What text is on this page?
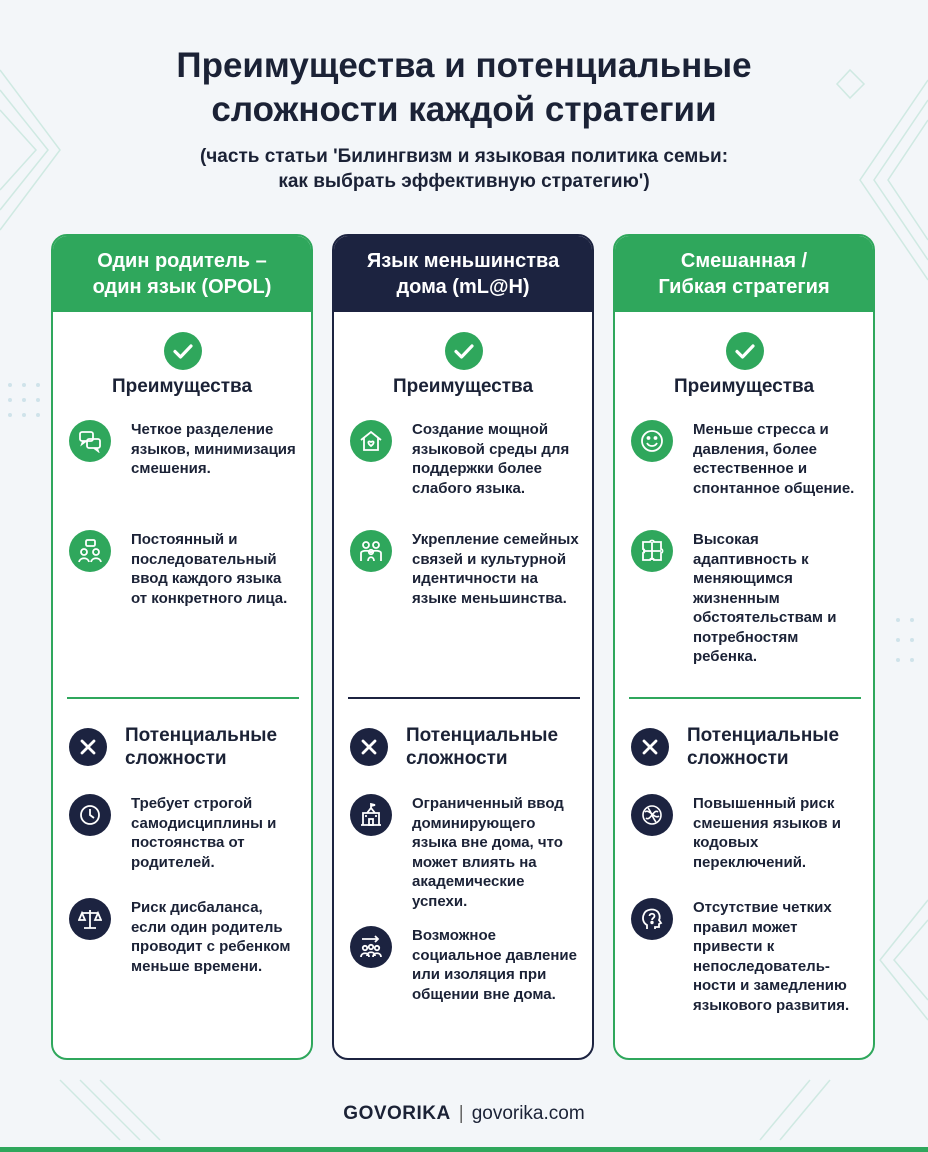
Преимущества и потенциальные
сложности каждой стратегии
(часть статьи 'Билингвизм и языковая политика семьи:
как выбрать эффективную стратегию')
Один родитель –
один язык (OPOL)
Преимущества
Четкое разделение языков, минимизация смешения.
Постоянный и последовательный ввод каждого языка от конкретного лица.
Потенциальные
сложности
Требует строгой самодисциплины и постоянства от родителей.
Риск дисбаланса, если один родитель проводит с ребенком меньше времени.
Язык меньшинства
дома (mL@H)
Преимущества
Создание мощной языковой среды для поддержки более слабого языка.
Укрепление семейных связей и культурной идентичности на языке меньшинства.
Потенциальные
сложности
Ограниченный ввод доминирующего языка вне дома, что может влиять на академические успехи.
Возможное социальное давление или изоляция при общении вне дома.
Смешанная /
Гибкая стратегия
Преимущества
Меньше стресса и давления, более естественное и спонтанное общение.
Высокая адаптивность к меняющимся жизненным обстоятельствам и потребностям ребенка.
Потенциальные
сложности
Повышенный риск смешения языков и кодовых переключений.
Отсутствие четких правил может привести к непоследователь-ности и замедлению языкового развития.
GOVORIKA | govorika.com
